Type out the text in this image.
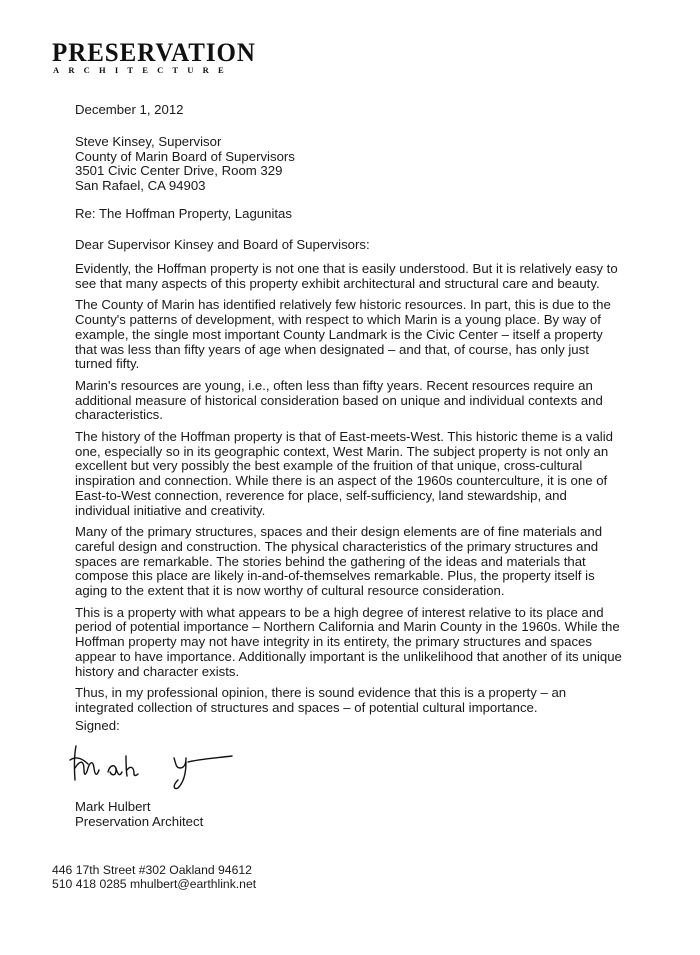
PRESERVATION
ARCHITECTURE
December 1, 2012
Steve Kinsey, Supervisor
County of Marin Board of Supervisors
3501 Civic Center Drive, Room 329
San Rafael, CA 94903
Re: The Hoffman Property, Lagunitas
Dear Supervisor Kinsey and Board of Supervisors:

Evidently, the Hoffman property is not one that is easily understood. But it is relatively easy to see that many aspects of this property exhibit architectural and structural care and beauty.

The County of Marin has identified relatively few historic resources. In part, this is due to the County's patterns of development, with respect to which Marin is a young place. By way of example, the single most important County Landmark is the Civic Center – itself a property that was less than fifty years of age when designated – and that, of course, has only just turned fifty.

Marin's resources are young, i.e., often less than fifty years. Recent resources require an additional measure of historical consideration based on unique and individual contexts and characteristics.

The history of the Hoffman property is that of East-meets-West. This historic theme is a valid one, especially so in its geographic context, West Marin. The subject property is not only an excellent but very possibly the best example of the fruition of that unique, cross-cultural inspiration and connection. While there is an aspect of the 1960s counterculture, it is one of East-to-West connection, reverence for place, self-sufficiency, land stewardship, and individual initiative and creativity.

Many of the primary structures, spaces and their design elements are of fine materials and careful design and construction. The physical characteristics of the primary structures and spaces are remarkable. The stories behind the gathering of the ideas and materials that compose this place are likely in-and-of-themselves remarkable. Plus, the property itself is aging to the extent that it is now worthy of cultural resource consideration.

This is a property with what appears to be a high degree of interest relative to its place and period of potential importance – Northern California and Marin County in the 1960s. While the Hoffman property may not have integrity in its entirety, the primary structures and spaces appear to have importance. Additionally important is the unlikelihood that another of its unique history and character exists.

Thus, in my professional opinion, there is sound evidence that this is a property – an integrated collection of structures and spaces – of potential cultural importance.

Signed:
Mark Hulbert
Preservation Architect
446 17th Street #302 Oakland 94612
510 418 0285 mhulbert@earthlink.net
